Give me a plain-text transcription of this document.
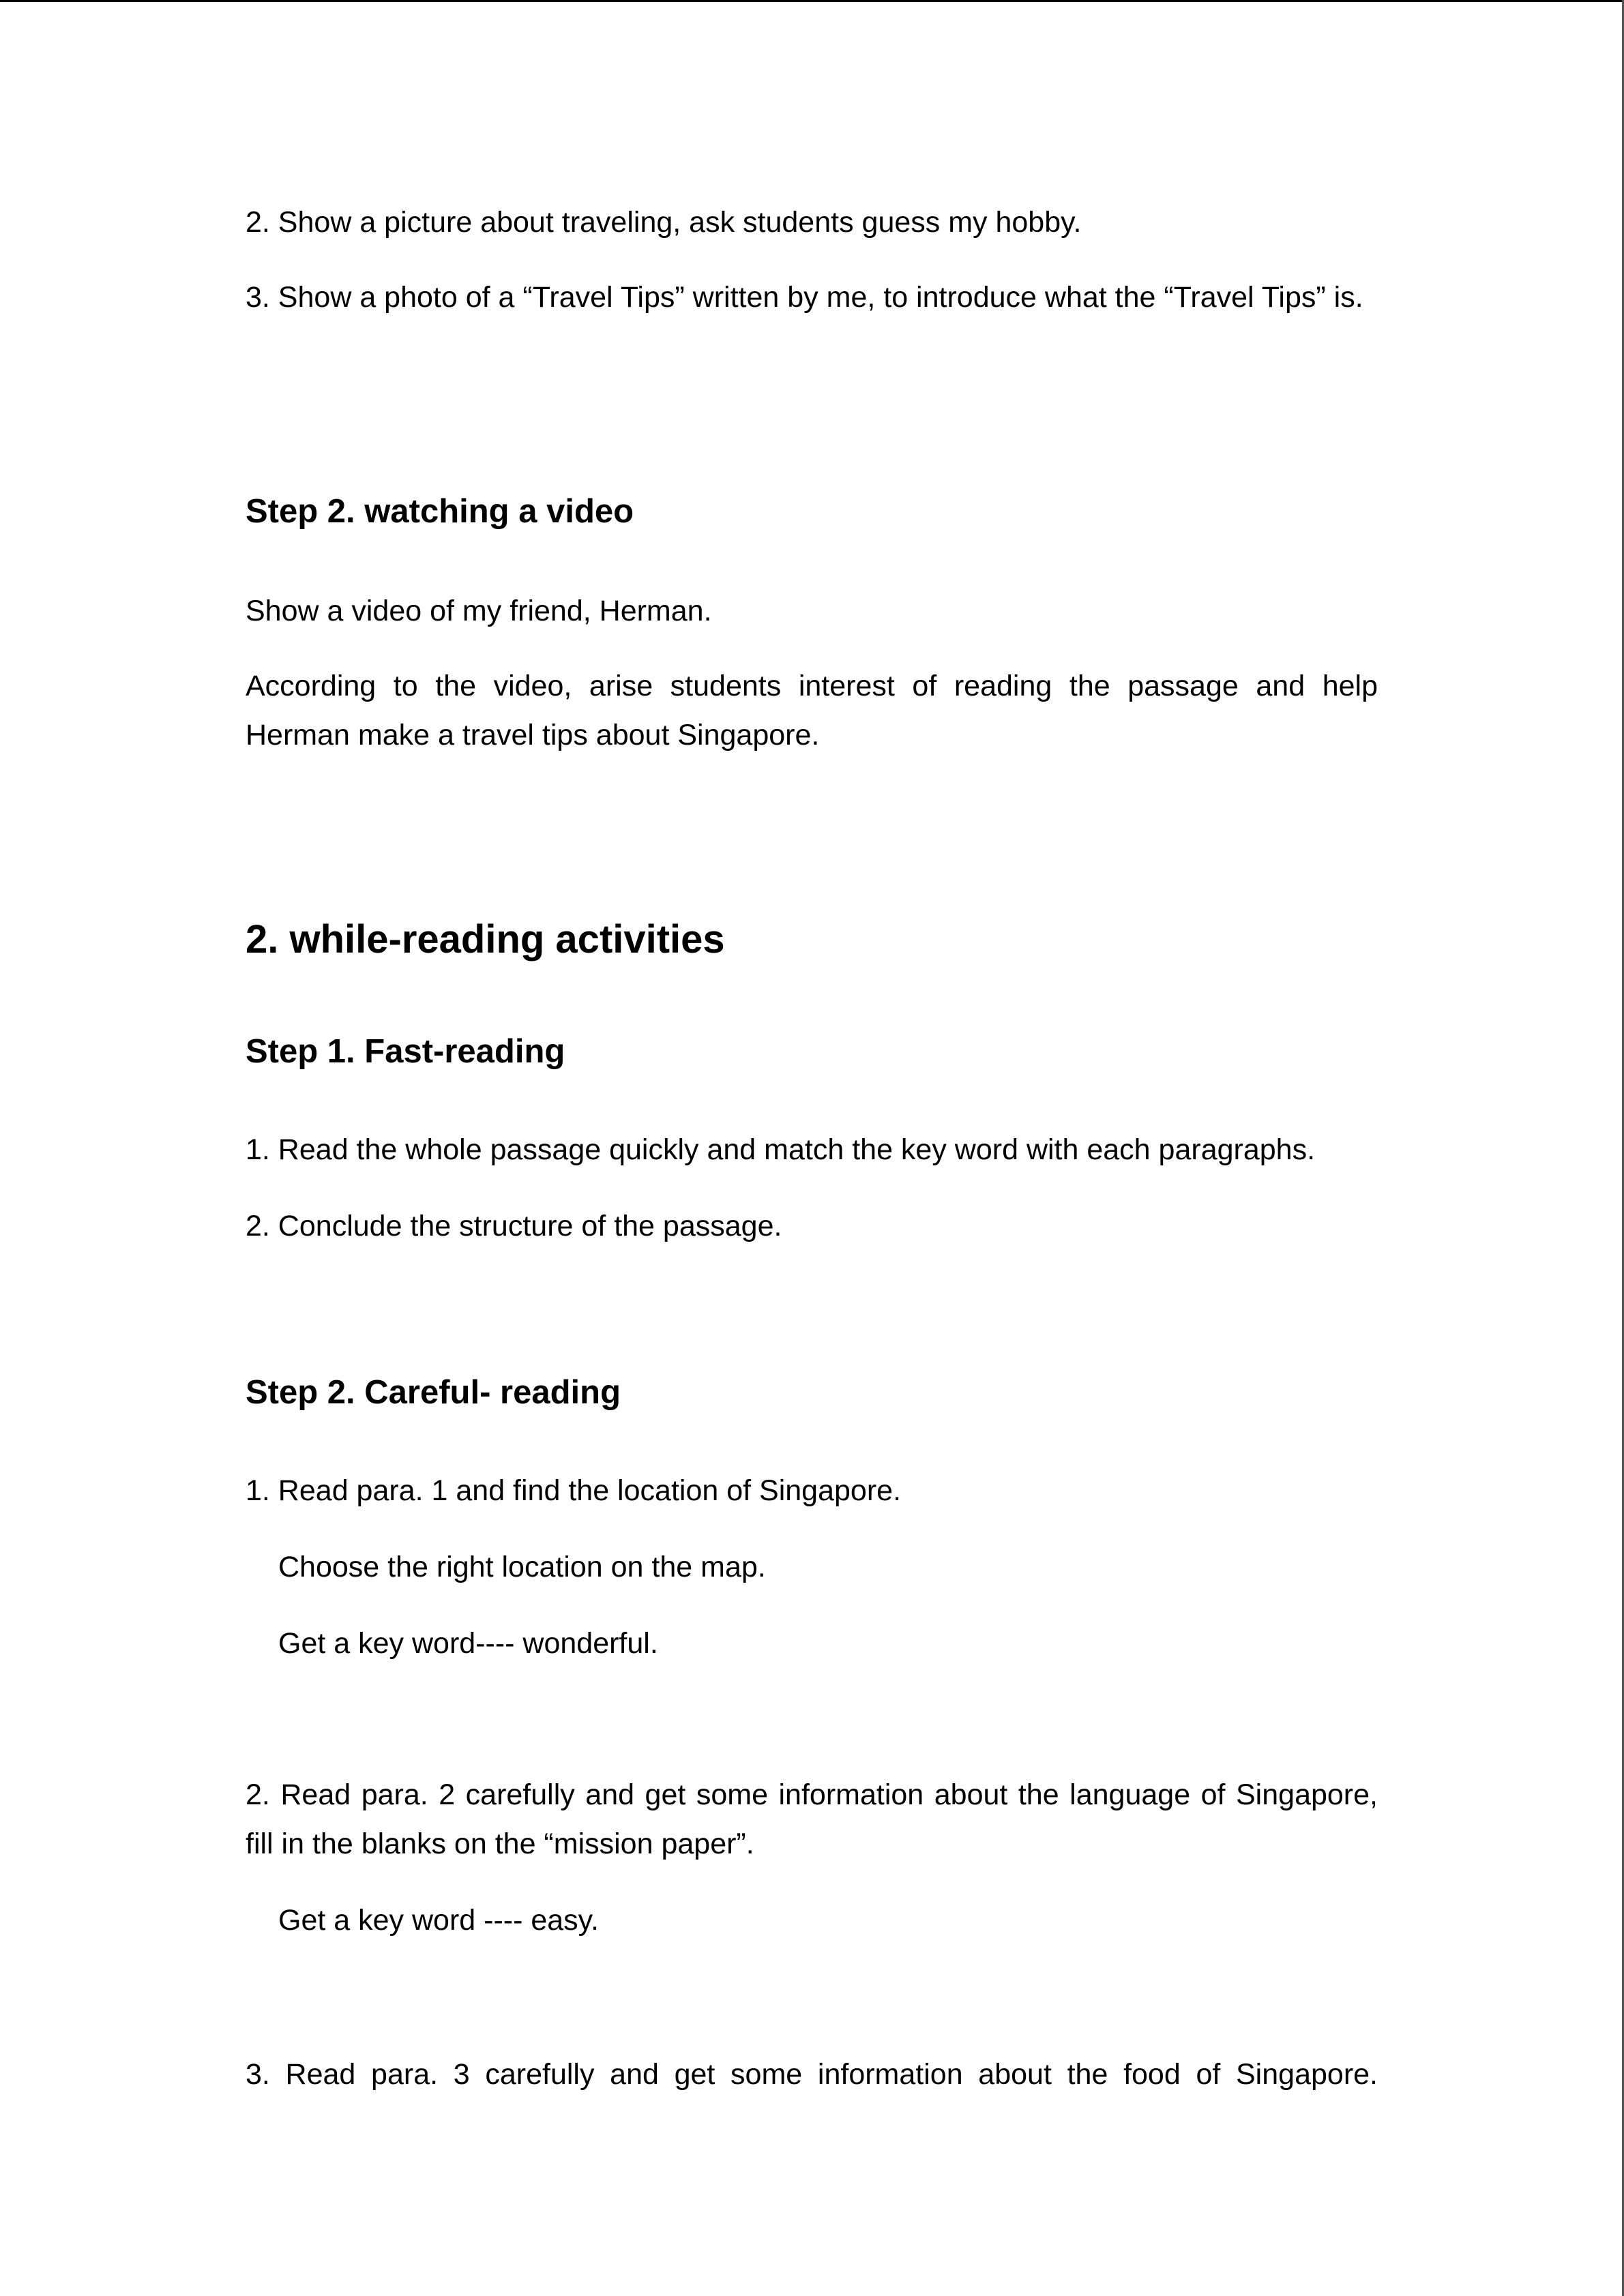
2. Show a picture about traveling, ask students guess my hobby.

3. Show a photo of a “Travel Tips” written by me, to introduce what the “Travel Tips” is.

Step 2. watching a video

Show a video of my friend, Herman.

According to the video, arise students interest of reading the passage and help Herman make a travel tips about Singapore.

2. while-reading activities

Step 1. Fast-reading

1. Read the whole passage quickly and match the key word with each paragraphs.

2. Conclude the structure of the passage.

Step 2. Careful- reading

1. Read para. 1 and find the location of Singapore.

Choose the right location on the map.

Get a key word---- wonderful.

2. Read para. 2 carefully and get some information about the language of Singapore, fill in the blanks on the “mission paper”.

Get a key word ---- easy.

3. Read para. 3 carefully and get some information about the food of Singapore.
